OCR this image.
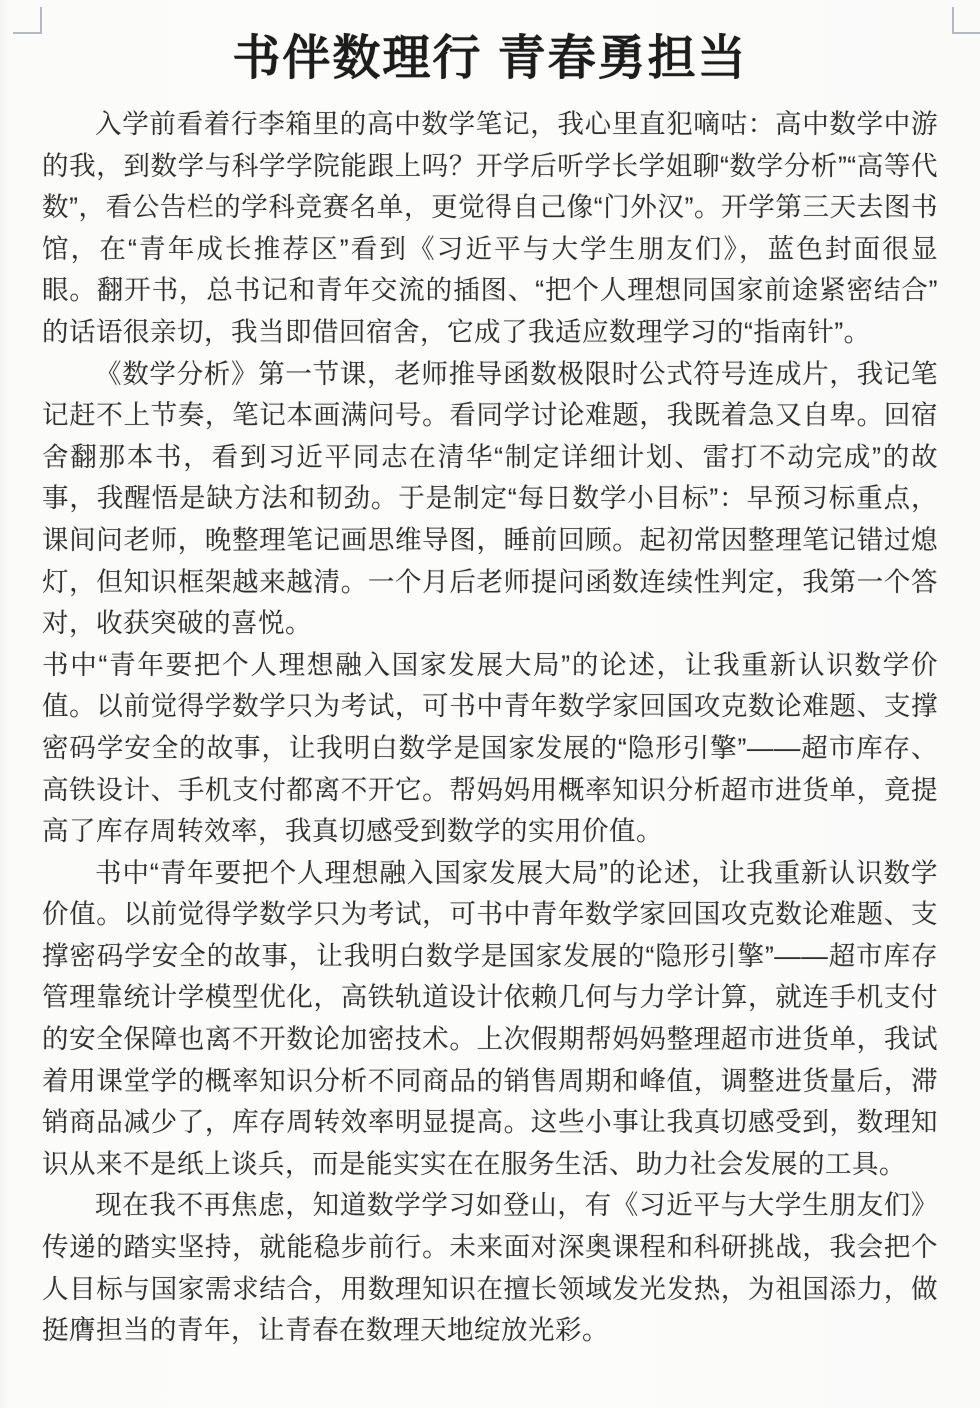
书伴数理行 青春勇担当

入学前看着行李箱里的高中数学笔记，我心里直犯嘀咕：高中数学中游的我，到数学与科学学院能跟上吗？开学后听学长学姐聊“数学分析”“高等代数”，看公告栏的学科竞赛名单，更觉得自己像“门外汉”。开学第三天去图书馆，在“青年成长推荐区”看到《习近平与大学生朋友们》，蓝色封面很显眼。翻开书，总书记和青年交流的插图、“把个人理想同国家前途紧密结合”的话语很亲切，我当即借回宿舍，它成了我适应数理学习的“指南针”。

《数学分析》第一节课，老师推导函数极限时公式符号连成片，我记笔记赶不上节奏，笔记本画满问号。看同学讨论难题，我既着急又自卑。回宿舍翻那本书，看到习近平同志在清华“制定详细计划、雷打不动完成”的故事，我醒悟是缺方法和韧劲。于是制定“每日数学小目标”：早预习标重点，课间问老师，晚整理笔记画思维导图，睡前回顾。起初常因整理笔记错过熄灯，但知识框架越来越清。一个月后老师提问函数连续性判定，我第一个答对，收获突破的喜悦。

书中“青年要把个人理想融入国家发展大局”的论述，让我重新认识数学价值。以前觉得学数学只为考试，可书中青年数学家回国攻克数论难题、支撑密码学安全的故事，让我明白数学是国家发展的“隐形引擎”——超市库存、高铁设计、手机支付都离不开它。帮妈妈用概率知识分析超市进货单，竟提高了库存周转效率，我真切感受到数学的实用价值。

书中“青年要把个人理想融入国家发展大局”的论述，让我重新认识数学价值。以前觉得学数学只为考试，可书中青年数学家回国攻克数论难题、支撑密码学安全的故事，让我明白数学是国家发展的“隐形引擎”——超市库存管理靠统计学模型优化，高铁轨道设计依赖几何与力学计算，就连手机支付的安全保障也离不开数论加密技术。上次假期帮妈妈整理超市进货单，我试着用课堂学的概率知识分析不同商品的销售周期和峰值，调整进货量后，滞销商品减少了，库存周转效率明显提高。这些小事让我真切感受到，数理知识从来不是纸上谈兵，而是能实实在在服务生活、助力社会发展的工具。

现在我不再焦虑，知道数学学习如登山，有《习近平与大学生朋友们》传递的踏实坚持，就能稳步前行。未来面对深奥课程和科研挑战，我会把个人目标与国家需求结合，用数理知识在擅长领域发光发热，为祖国添力，做挺膺担当的青年，让青春在数理天地绽放光彩。
